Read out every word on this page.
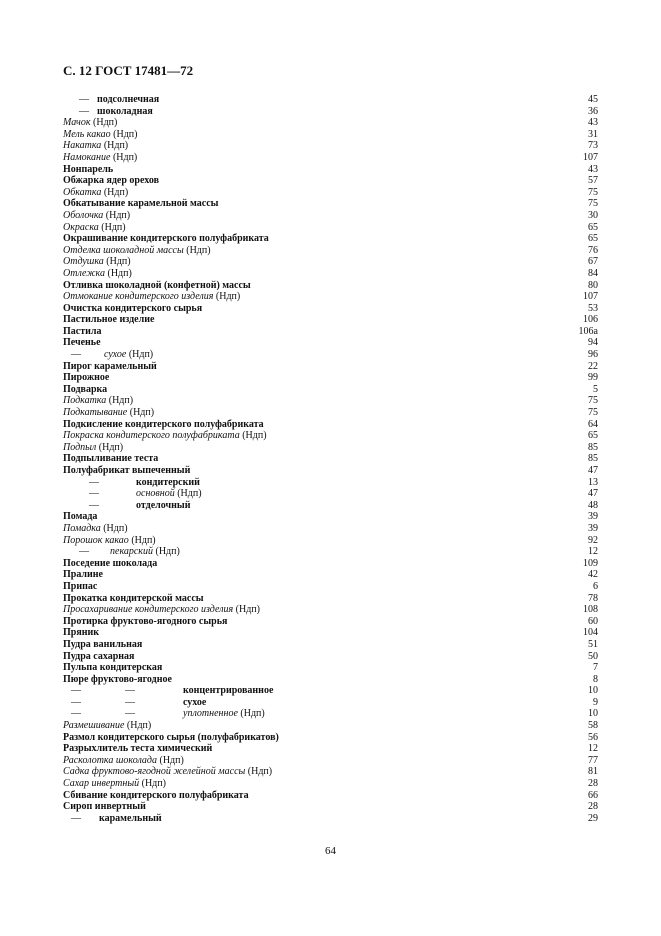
С. 12 ГОСТ 17481—72
— подсолнечная	45
— шоколадная	36
Мачок (Ндп)	43
Мель какао (Ндп)	31
Накатка (Ндп)	73
Намокание (Ндп)	107
Нонпарель	43
Обжарка ядер орехов	57
Обкатка (Ндп)	75
Обкатывание карамельной массы	75
Оболочка (Ндп)	30
Окраска (Ндп)	65
Окрашивание кондитерского полуфабриката	65
Отделка шоколадной массы (Ндп)	76
Отдушка (Ндп)	67
Отлежка (Ндп)	84
Отливка шоколадной (конфетной) массы	80
Отмокание кондитерского изделия (Ндп)	107
Очистка кондитерского сырья	53
Пастильное изделие	106
Пастила	106а
Печенье	94
— сухое (Ндп)	96
Пирог карамельный	22
Пирожное	99
Подварка	5
Подкатка (Ндп)	75
Подкатывание (Ндп)	75
Подкисление кондитерского полуфабриката	64
Покраска кондитерского полуфабриката (Ндп)	65
Подпыл (Ндп)	85
Подпыливание теста	85
Полуфабрикат выпеченный	47
—	кондитерский	13
—	основной (Ндп)	47
—	отделочный	48
Помада	39
Помадка (Ндп)	39
Порошок какао (Ндп)	92
— пекарский (Ндп)	12
Поседение шоколада	109
Пралине	42
Припас	6
Прокатка кондитерской массы	78
Просахаривание кондитерского изделия (Ндп)	108
Протирка фруктово-ягодного сырья	60
Пряник	104
Пудра ванильная	51
Пудра сахарная	50
Пульпа кондитерская	7
Пюре фруктово-ягодное	8
—	—	концентрированное	10
—	—	сухое	9
—	—	уплотненное (Ндп)	10
Размешивание (Ндп)	58
Размол кондитерского сырья (полуфабрикатов)	56
Разрыхлитель теста химический	12
Расколотка шоколада (Ндп)	77
Садка фруктово-ягодной желейной массы (Ндп)	81
Сахар инвертный (Ндп)	28
Сбивание кондитерского полуфабриката	66
Сироп инвертный	28
— карамельный	29
64
